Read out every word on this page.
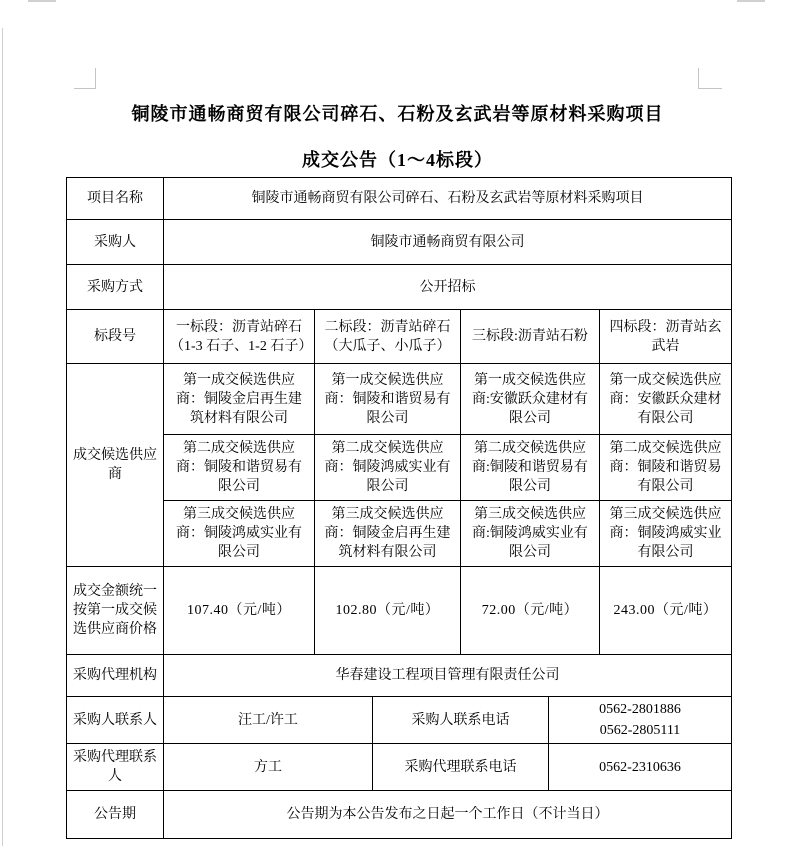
铜陵市通畅商贸有限公司碎石、石粉及玄武岩等原材料采购项目
成交公告（1～4标段）
项目名称	铜陵市通畅商贸有限公司碎石、石粉及玄武岩等原材料采购项目					
采购人	铜陵市通畅商贸有限公司					
采购方式	公开招标					
标段号	一标段：沥青站碎石（1-3 石子、1-2 石子）	二标段：沥青站碎石（大瓜子、小瓜子）		三标段:沥青站石粉		四标段：沥青站玄武岩
成交候选供应商	第一成交候选供应商：铜陵金启再生建筑材料有限公司	第一成交候选供应商：铜陵和谐贸易有限公司		第一成交候选供应商:安徽跃众建材有限公司		第一成交候选供应商：安徽跃众建材有限公司
	第二成交候选供应商：铜陵和谐贸易有限公司	第二成交候选供应商：铜陵鸿威实业有限公司		第二成交候选供应商:铜陵和谐贸易有限公司		第二成交候选供应商：铜陵和谐贸易有限公司
	第三成交候选供应商：铜陵鸿威实业有限公司	第三成交候选供应商：铜陵金启再生建筑材料有限公司		第三成交候选供应商:铜陵鸿威实业有限公司		第三成交候选供应商：铜陵鸿威实业有限公司
成交金额统一按第一成交候选供应商价格	107.40（元/吨）	102.80（元/吨）		72.00（元/吨）		243.00（元/吨）
采购代理机构	华春建设工程项目管理有限责任公司					
采购人联系人	汪工/许工		采购人联系电话		0562-2801886
0562-2805111	

采购代理联系人	方工		采购代理联系电话		0562-2310636	
公告期	公告期为本公告发布之日起一个工作日（不计当日）					
